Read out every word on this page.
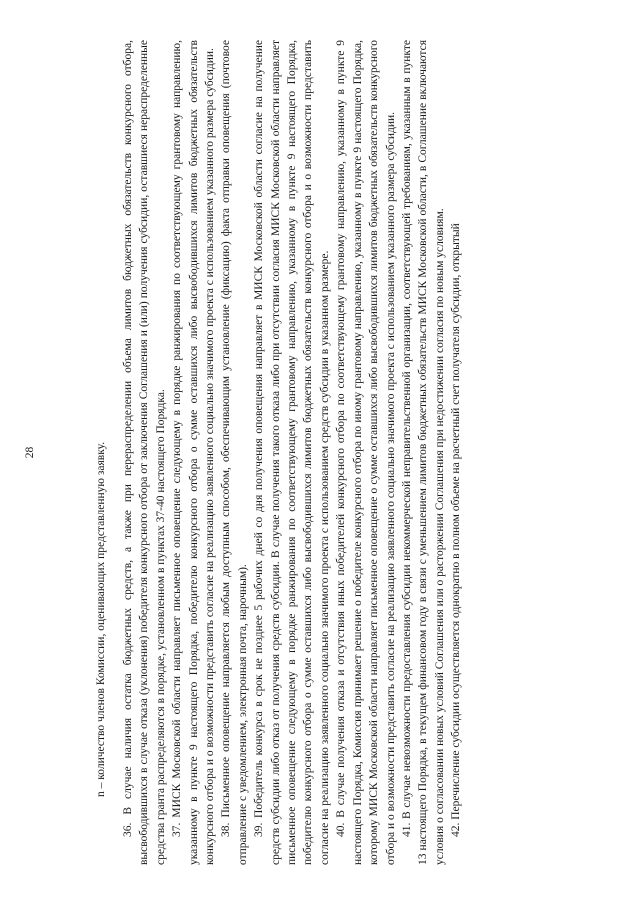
28	n – количество членов Комиссии, оценивающих представленную заявку. 36. В случае наличия остатка бюджетных средств, а также при перераспределении объема лимитов бюджетных обязательств конкурсного отбора, высвободившихся в случае отказа (уклонения) победителя конкурсного отбора от заключения Соглашения и (или) получения субсидии, оставшиеся нераспределенные средства гранта распределяются в порядке, установленном в пунктах 37-40 настоящего Порядка. 37. МИСК Московской области направляет письменное оповещение следующему в порядке ранжирования по соответствующему грантовому направлению, указанному в пункте 9 настоящего Порядка, победителю конкурсного отбора о сумме оставшихся либо высвободившихся лимитов бюджетных обязательств конкурсного отбора и о возможности представить согласие на реализацию заявленного социально значимого проекта с использованием указанного размера субсидии. 38. Письменное оповещение направляется любым доступным способом, обеспечивающим установление (фиксацию) факта отправки оповещения (почтовое отправление с уведомлением, электронная почта, нарочным). 39. Победитель конкурса в срок не позднее 5 рабочих дней со дня получения оповещения направляет в МИСК Московской области согласие на получение средств субсидии либо отказ от получения средств субсидии. В случае получения такого отказа либо при отсутствии согласия МИСК Московской области направляет письменное оповещение следующему в порядке ранжирования по соответствующему грантовому направлению, указанному в пункте 9 настоящего Порядка, победителю конкурсного отбора о сумме оставшихся либо высвободившихся лимитов бюджетных обязательств конкурсного отбора и о возможности представить согласие на реализацию заявленного социально значимого проекта с использованием средств субсидии в указанном размере. 40. В случае получения отказа и отсутствия иных победителей конкурсного отбора по соответствующему грантовому направлению, указанному в пункте 9 настоящего Порядка, Комиссия принимает решение о победителе конкурсного отбора по иному грантовому направлению, указанному в пункте 9 настоящего Порядка, которому МИСК Московской области направляет письменное оповещение о сумме оставшихся либо высвободившихся лимитов бюджетных обязательств конкурсного отбора и о возможности представить согласие на реализацию заявленного социально значимого проекта с использованием указанного размера субсидии. 41. В случае невозможности предоставления субсидии некоммерческой неправительственной организации, соответствующей требованиям, указанным в пункте 13 настоящего Порядка, в текущем финансовом году в связи с уменьшением лимитов бюджетных обязательств МИСК Московской области, в Соглашение включаются условия о согласовании новых условий Соглашения или о расторжении Соглашения при недостижении согласия по новым условиям. 42. Перечисление субсидии осуществляется однократно в полном объеме на расчетный счет получателя субсидии, открытый
